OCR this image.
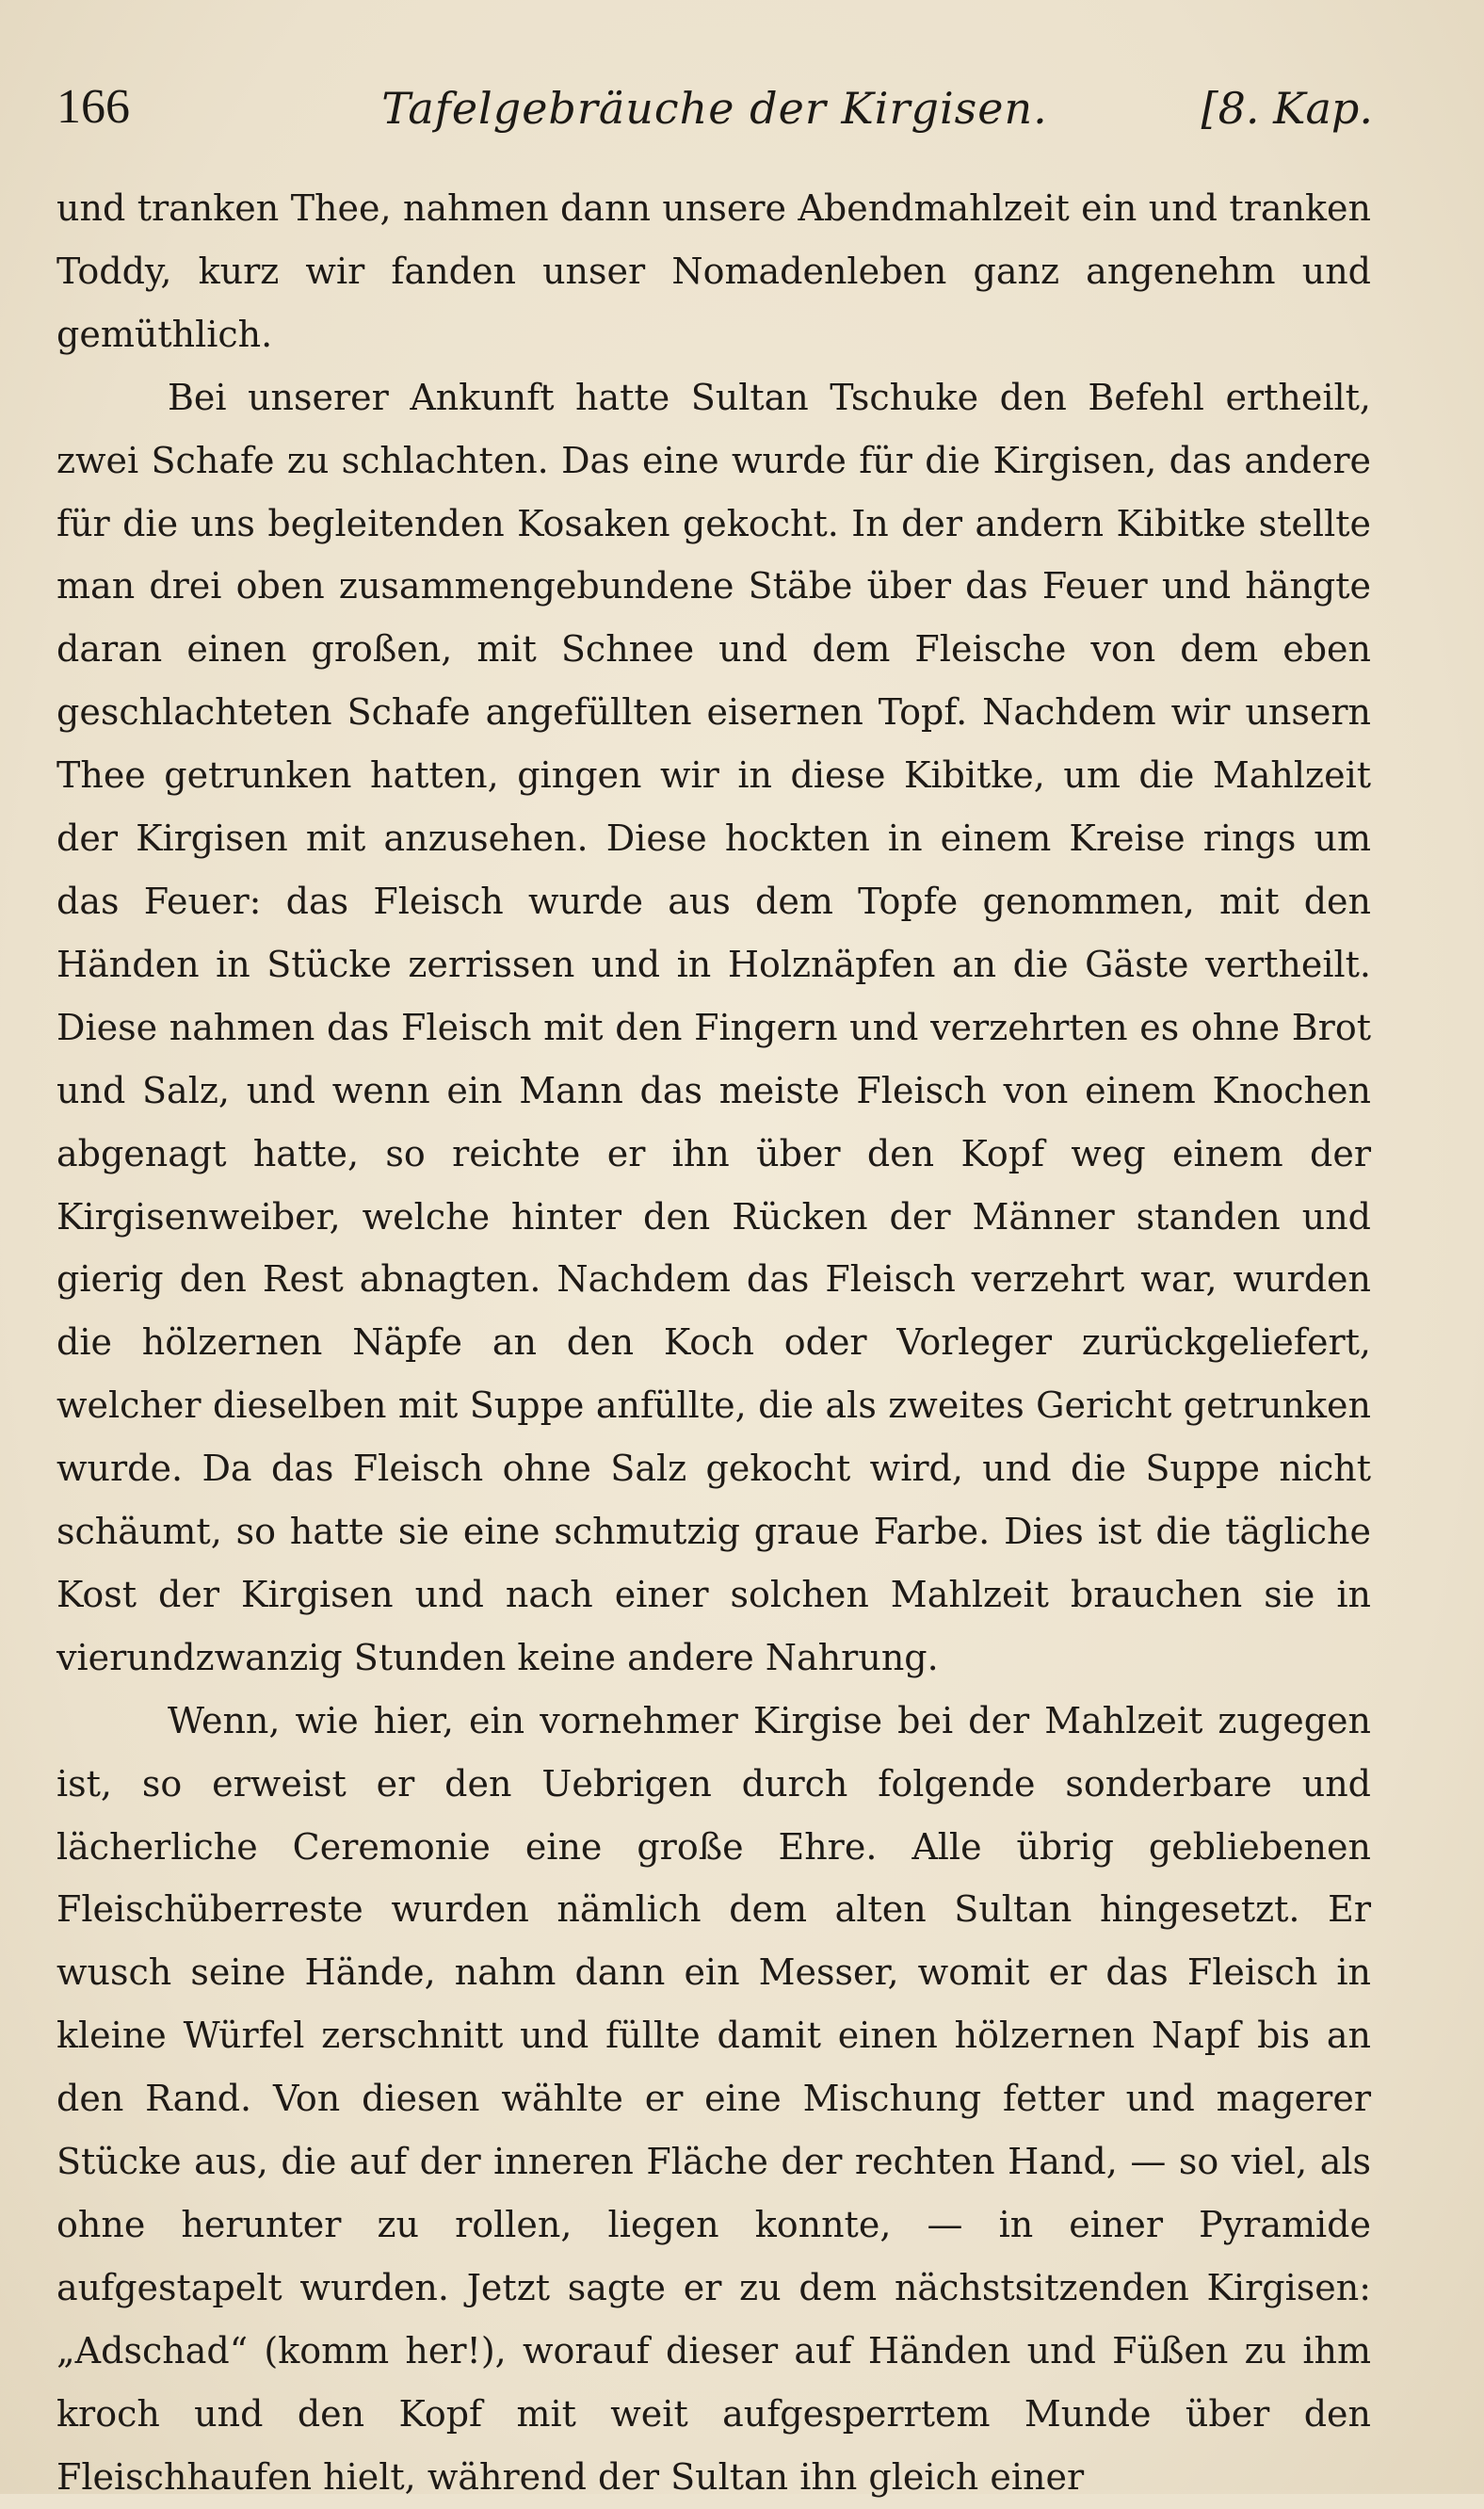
166	Tafelgebräuche der Kirgisen.	[8. Kap.

und tranken Thee, nahmen dann unsere Abendmahlzeit ein und tranken Toddy, kurz wir fanden unser Nomadenleben ganz angenehm und gemüthlich.

Bei unserer Ankunft hatte Sultan Tschuke den Befehl ertheilt, zwei Schafe zu schlachten. Das eine wurde für die Kirgisen, das andere für die uns begleitenden Kosaken gekocht. In der andern Kibitke stellte man drei oben zusammengebundene Stäbe über das Feuer und hängte daran einen großen, mit Schnee und dem Fleische von dem eben geschlachteten Schafe angefüllten eisernen Topf. Nachdem wir unsern Thee getrunken hatten, gingen wir in diese Kibitke, um die Mahlzeit der Kirgisen mit anzusehen. Diese hockten in einem Kreise rings um das Feuer: das Fleisch wurde aus dem Topfe genommen, mit den Händen in Stücke zerrissen und in Holznäpfen an die Gäste vertheilt. Diese nahmen das Fleisch mit den Fingern und verzehrten es ohne Brot und Salz, und wenn ein Mann das meiste Fleisch von einem Knochen abgenagt hatte, so reichte er ihn über den Kopf weg einem der Kirgisenweiber, welche hinter den Rücken der Männer standen und gierig den Rest abnagten. Nachdem das Fleisch verzehrt war, wurden die hölzernen Näpfe an den Koch oder Vorleger zurückgeliefert, welcher dieselben mit Suppe anfüllte, die als zweites Gericht getrunken wurde. Da das Fleisch ohne Salz gekocht wird, und die Suppe nicht schäumt, so hatte sie eine schmutzig graue Farbe. Dies ist die tägliche Kost der Kirgisen und nach einer solchen Mahlzeit brauchen sie in vierundzwanzig Stunden keine andere Nahrung.

Wenn, wie hier, ein vornehmer Kirgise bei der Mahlzeit zugegen ist, so erweist er den Uebrigen durch folgende sonderbare und lächerliche Ceremonie eine große Ehre. Alle übrig gebliebenen Fleischüberreste wurden nämlich dem alten Sultan hingesetzt. Er wusch seine Hände, nahm dann ein Messer, womit er das Fleisch in kleine Würfel zerschnitt und füllte damit einen hölzernen Napf bis an den Rand. Von diesen wählte er eine Mischung fetter und magerer Stücke aus, die auf der inneren Fläche der rechten Hand, — so viel, als ohne herunter zu rollen, liegen konnte, — in einer Pyramide aufgestapelt wurden. Jetzt sagte er zu dem nächstsitzenden Kirgisen: „Adschad“ (komm her!), worauf dieser auf Händen und Füßen zu ihm kroch und den Kopf mit weit aufgesperrtem Munde über den Fleischhaufen hielt, während der Sultan ihn gleich einer
